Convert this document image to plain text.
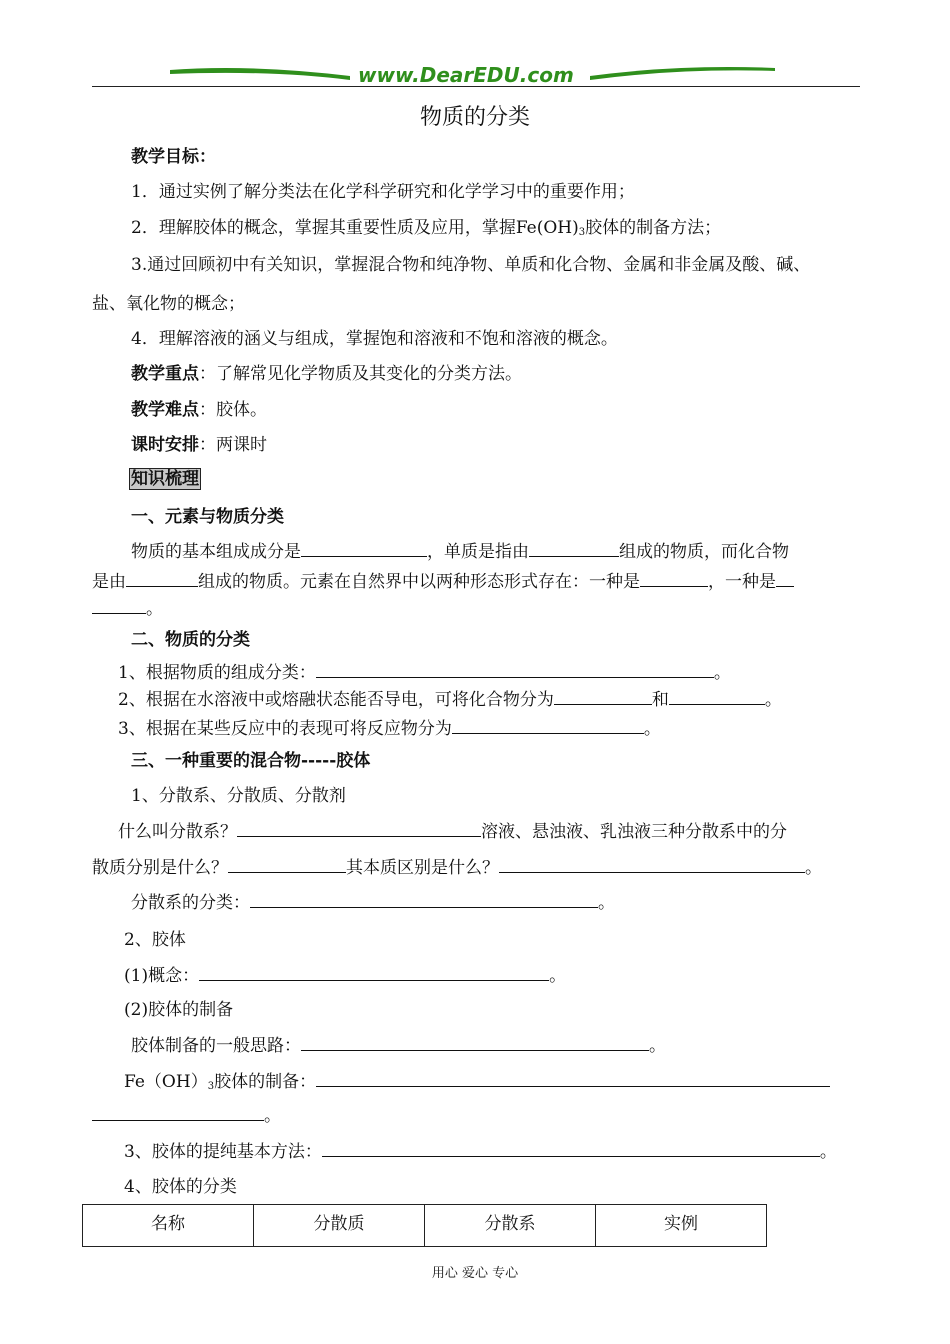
www.DearEDU.com
物质的分类
教学目标：
1．通过实例了解分类法在化学科学研究和化学学习中的重要作用；
2．理解胶体的概念，掌握其重要性质及应用，掌握$Fe(OH)_3$胶体的制备方法；
3.通过回顾初中有关知识，掌握混合物和纯净物、单质和化合物、金属和非金属及酸、碱、
盐、氧化物的概念；
4．理解溶液的涵义与组成，掌握饱和溶液和不饱和溶液的概念。
教学重点：了解常见化学物质及其变化的分类方法。
教学难点：胶体。
课时安排：两课时
知识梳理
一、元素与物质分类
物质的基本组成成分是	，单质是指由	组成的物质，而化合物
是由	组成的物质。元素在自然界中以两种形态形式存在：一种是	，一种是
。
二、物质的分类
1、根据物质的组成分类：	。
2、根据在水溶液中或熔融状态能否导电，可将化合物分为	和	。
3、根据在某些反应中的表现可将反应物分为	。
三、一种重要的混合物-----胶体
1、分散系、分散质、分散剂
什么叫分散系？	溶液、悬浊液、乳浊液三种分散系中的分
散质分别是什么？	其本质区别是什么？	。
分散系的分类：	。
2、胶体
(1)概念：	。
(2)胶体的制备
胶体制备的一般思路：	。
$Fe(OH)_3$胶体的制备：
。
3、胶体的提纯基本方法：	。
4、胶体的分类
名称	分散质	分散系	实例
用心 爱心 专心
